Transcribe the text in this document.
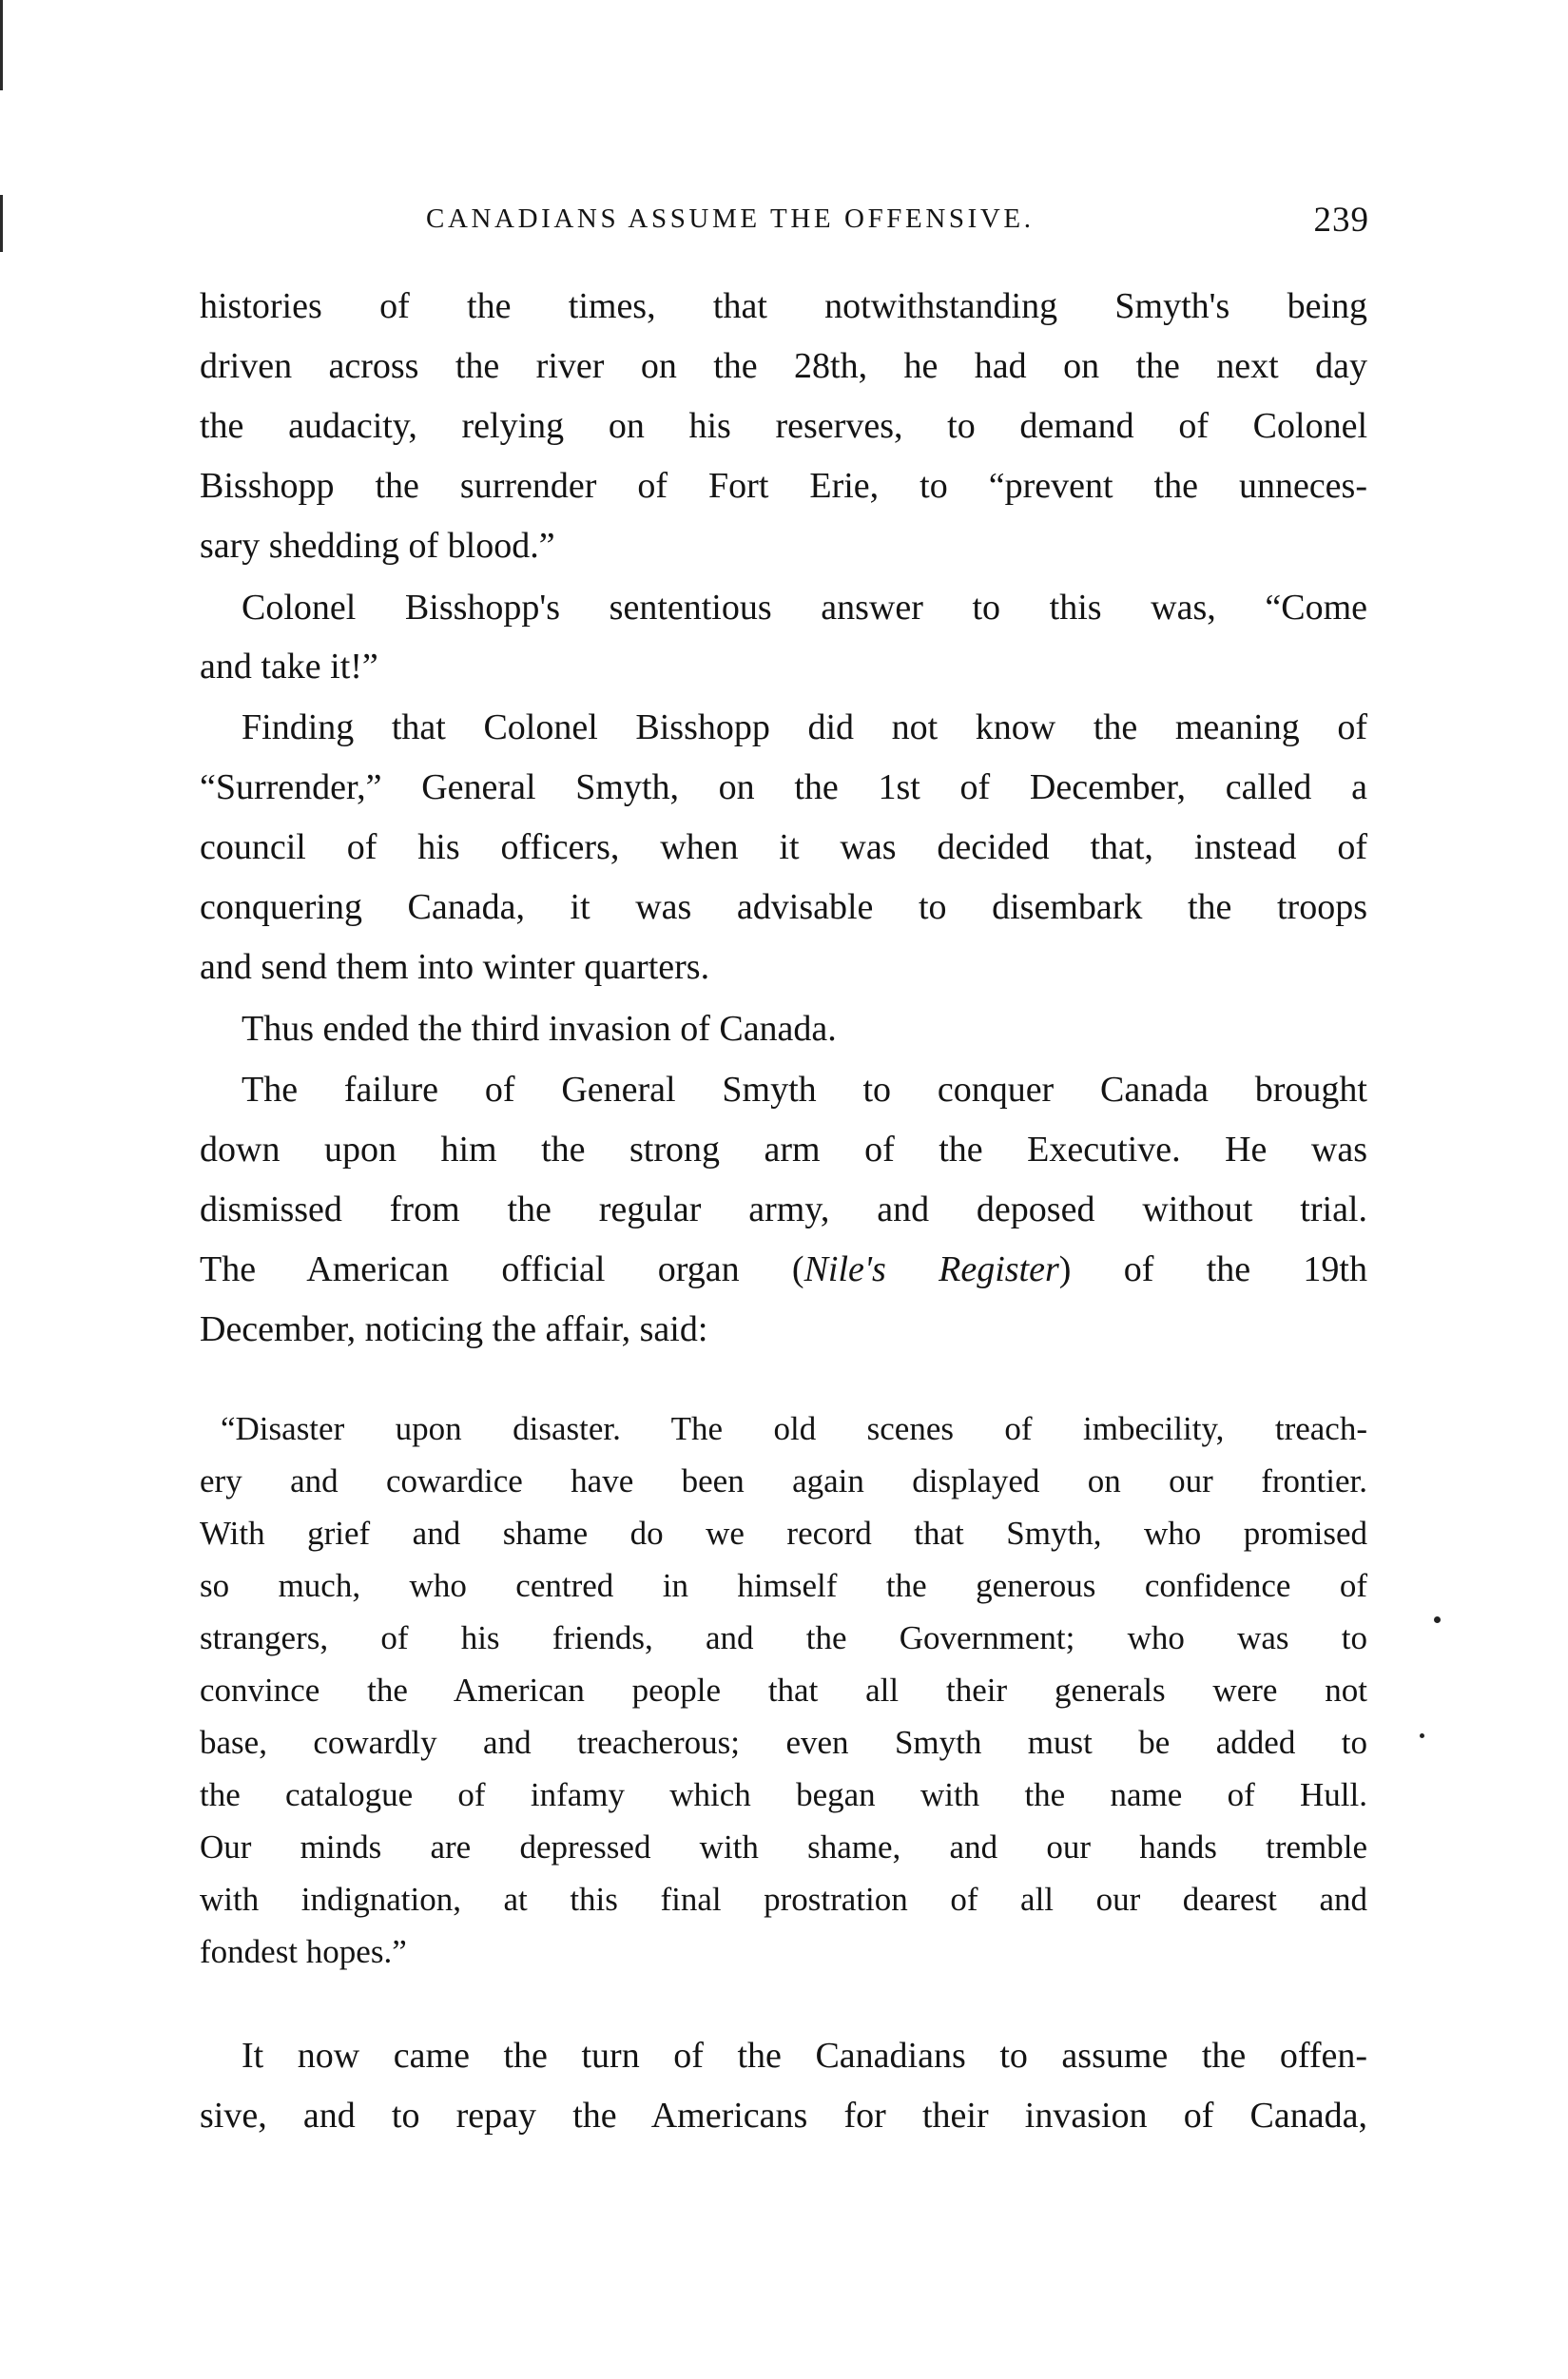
CANADIANS ASSUME THE OFFENSIVE.	239
histories of the times, that notwithstanding Smyth's being
driven across the river on the 28th, he had on the next day
the audacity, relying on his reserves, to demand of Colonel
Bisshopp the surrender of Fort Erie, to “prevent the unneces-
sary shedding of blood.”
Colonel Bisshopp's sententious answer to this was, “Come
and take it!”
Finding that Colonel Bisshopp did not know the meaning of
“Surrender,” General Smyth, on the 1st of December, called a
council of his officers, when it was decided that, instead of
conquering Canada, it was advisable to disembark the troops
and send them into winter quarters.
Thus ended the third invasion of Canada.
The failure of General Smyth to conquer Canada brought
down upon him the strong arm of the Executive. He was
dismissed from the regular army, and deposed without trial.
The American official organ (Nile's Register) of the 19th
December, noticing the affair, said:
“Disaster upon disaster. The old scenes of imbecility, treach-
ery and cowardice have been again displayed on our frontier.
With grief and shame do we record that Smyth, who promised
so much, who centred in himself the generous confidence of
strangers, of his friends, and the Government; who was to
convince the American people that all their generals were not
base, cowardly and treacherous; even Smyth must be added to
the catalogue of infamy which began with the name of Hull.
Our minds are depressed with shame, and our hands tremble
with indignation, at this final prostration of all our dearest and
fondest hopes.”
It now came the turn of the Canadians to assume the offen-
sive, and to repay the Americans for their invasion of Canada,
